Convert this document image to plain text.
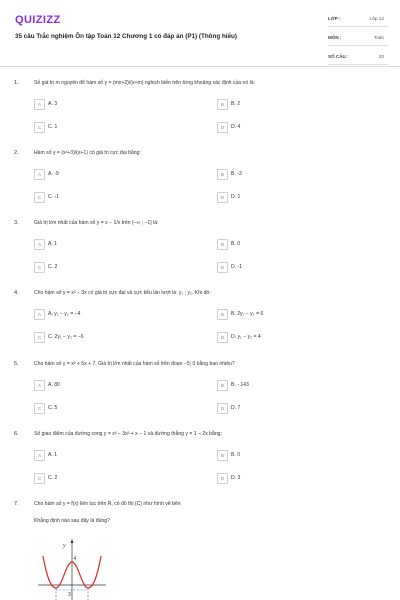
QUIZIZZ
35 câu Trắc nghiệm Ôn tập Toán 12 Chương 1 có đáp án (P1) (Thông hiểu)
LỚP :	Lớp 12
MÔN :	Toán
SỐ CÂU :	20
1.	Số giá trị m nguyên để hàm số y = (mx+2)/(x+m) nghịch biến trên từng khoảng xác định của nó là:
A	A. 3	B	B. 2
C	C. 1	D	D. 4
2.	Hàm số y = (x²+3)/(x+1) có giá trị cực đại bằng:
A	A. -9	B	B. -3
C	C. -1	D	D. 1
3.	Giá trị lớn nhất của hàm số y = x − 1/x trên (−∞ ; −1] là:
A	A. 1	B	B. 0
C	C. 2	D	D. -1
4.	Cho hàm số y = x³ − 3x có giá trị cực đại và cực tiểu lần lượt là: y₁ ; y₂. Khi đó:
A	A. y₁ − y₂ = −4	B	B. 2y₁ − y₂ = 6
C	C. 2y₁ − y₂ = −6	D	D. y₁ − y₂ = 4
5.	Cho hàm số y = x³ + 5x + 7. Giá trị lớn nhất của hàm số trên đoạn −5; 0 bằng bao nhiêu?
A	A. 80	B	B. - 143
C	C. 5	D	D. 7
6.	Số giao điểm của đường cong y = x³ − 3x² + x − 1 và đường thẳng y = 1 − 2x bằng:
A	A. 1	B	B. 0
C	C. 2	D	D. 3
7.	Cho hàm số y = f(x) liên tục trên R, có đồ thị (C) như hình vẽ bên
Khẳng định nào sau đây là đúng?
y
4
3
